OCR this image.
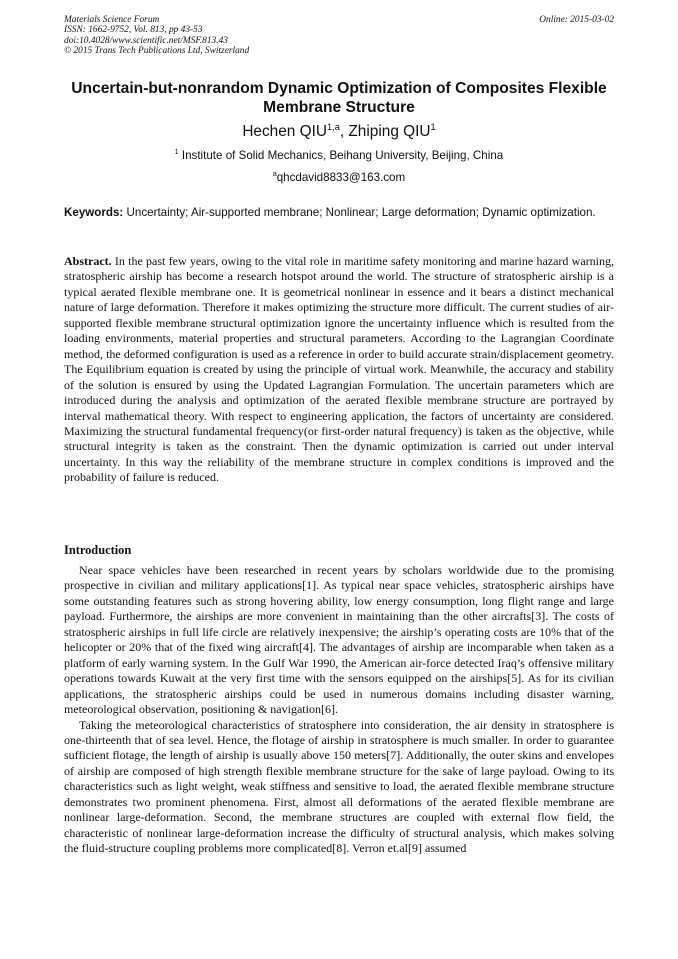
Materials Science Forum
ISSN: 1662-9752, Vol. 813, pp 43-53
doi:10.4028/www.scientific.net/MSF.813.43
© 2015 Trans Tech Publications Ltd, Switzerland
Online: 2015-03-02
Uncertain-but-nonrandom Dynamic Optimization of Composites Flexible Membrane Structure
Hechen QIU$^{1,a}$, Zhiping QIU$^1$
$^1$ Institute of Solid Mechanics, Beihang University, Beijing, China
$^a$qhcdavid8833@163.com
Keywords: Uncertainty; Air-supported membrane; Nonlinear; Large deformation; Dynamic optimization.

Abstract. In the past few years, owing to the vital role in maritime safety monitoring and marine hazard warning, stratospheric airship has become a research hotspot around the world. The structure of stratospheric airship is a typical aerated flexible membrane one. It is geometrical nonlinear in essence and it bears a distinct mechanical nature of large deformation. Therefore it makes optimizing the structure more difficult. The current studies of air-supported flexible membrane structural optimization ignore the uncertainty influence which is resulted from the loading environments, material properties and structural parameters. According to the Lagrangian Coordinate method, the deformed configuration is used as a reference in order to build accurate strain/displacement geometry. The Equilibrium equation is created by using the principle of virtual work. Meanwhile, the accuracy and stability of the solution is ensured by using the Updated Lagrangian Formulation. The uncertain parameters which are introduced during the analysis and optimization of the aerated flexible membrane structure are portrayed by interval mathematical theory. With respect to engineering application, the factors of uncertainty are considered. Maximizing the structural fundamental frequency(or first-order natural frequency) is taken as the objective, while structural integrity is taken as the constraint. Then the dynamic optimization is carried out under interval uncertainty. In this way the reliability of the membrane structure in complex conditions is improved and the probability of failure is reduced.

Introduction

Near space vehicles have been researched in recent years by scholars worldwide due to the promising prospective in civilian and military applications[1]. As typical near space vehicles, stratospheric airships have some outstanding features such as strong hovering ability, low energy consumption, long flight range and large payload. Furthermore, the airships are more convenient in maintaining than the other aircrafts[3]. The costs of stratospheric airships in full life circle are relatively inexpensive; the airship’s operating costs are 10% that of the helicopter or 20% that of the fixed wing aircraft[4]. The advantages of airship are incomparable when taken as a platform of early warning system. In the Gulf War 1990, the American air-force detected Iraq’s offensive military operations towards Kuwait at the very first time with the sensors equipped on the airships[5]. As for its civilian applications, the stratospheric airships could be used in numerous domains including disaster warning, meteorological observation, positioning & navigation[6].

Taking the meteorological characteristics of stratosphere into consideration, the air density in stratosphere is one-thirteenth that of sea level. Hence, the flotage of airship in stratosphere is much smaller. In order to guarantee sufficient flotage, the length of airship is usually above 150 meters[7]. Additionally, the outer skins and envelopes of airship are composed of high strength flexible membrane structure for the sake of large payload. Owing to its characteristics such as light weight, weak stiffness and sensitive to load, the aerated flexible membrane structure demonstrates two prominent phenomena. First, almost all deformations of the aerated flexible membrane are nonlinear large-deformation. Second, the membrane structures are coupled with external flow field, the characteristic of nonlinear large-deformation increase the difficulty of structural analysis, which makes solving the fluid-structure coupling problems more complicated[8]. Verron et.al[9] assumed
